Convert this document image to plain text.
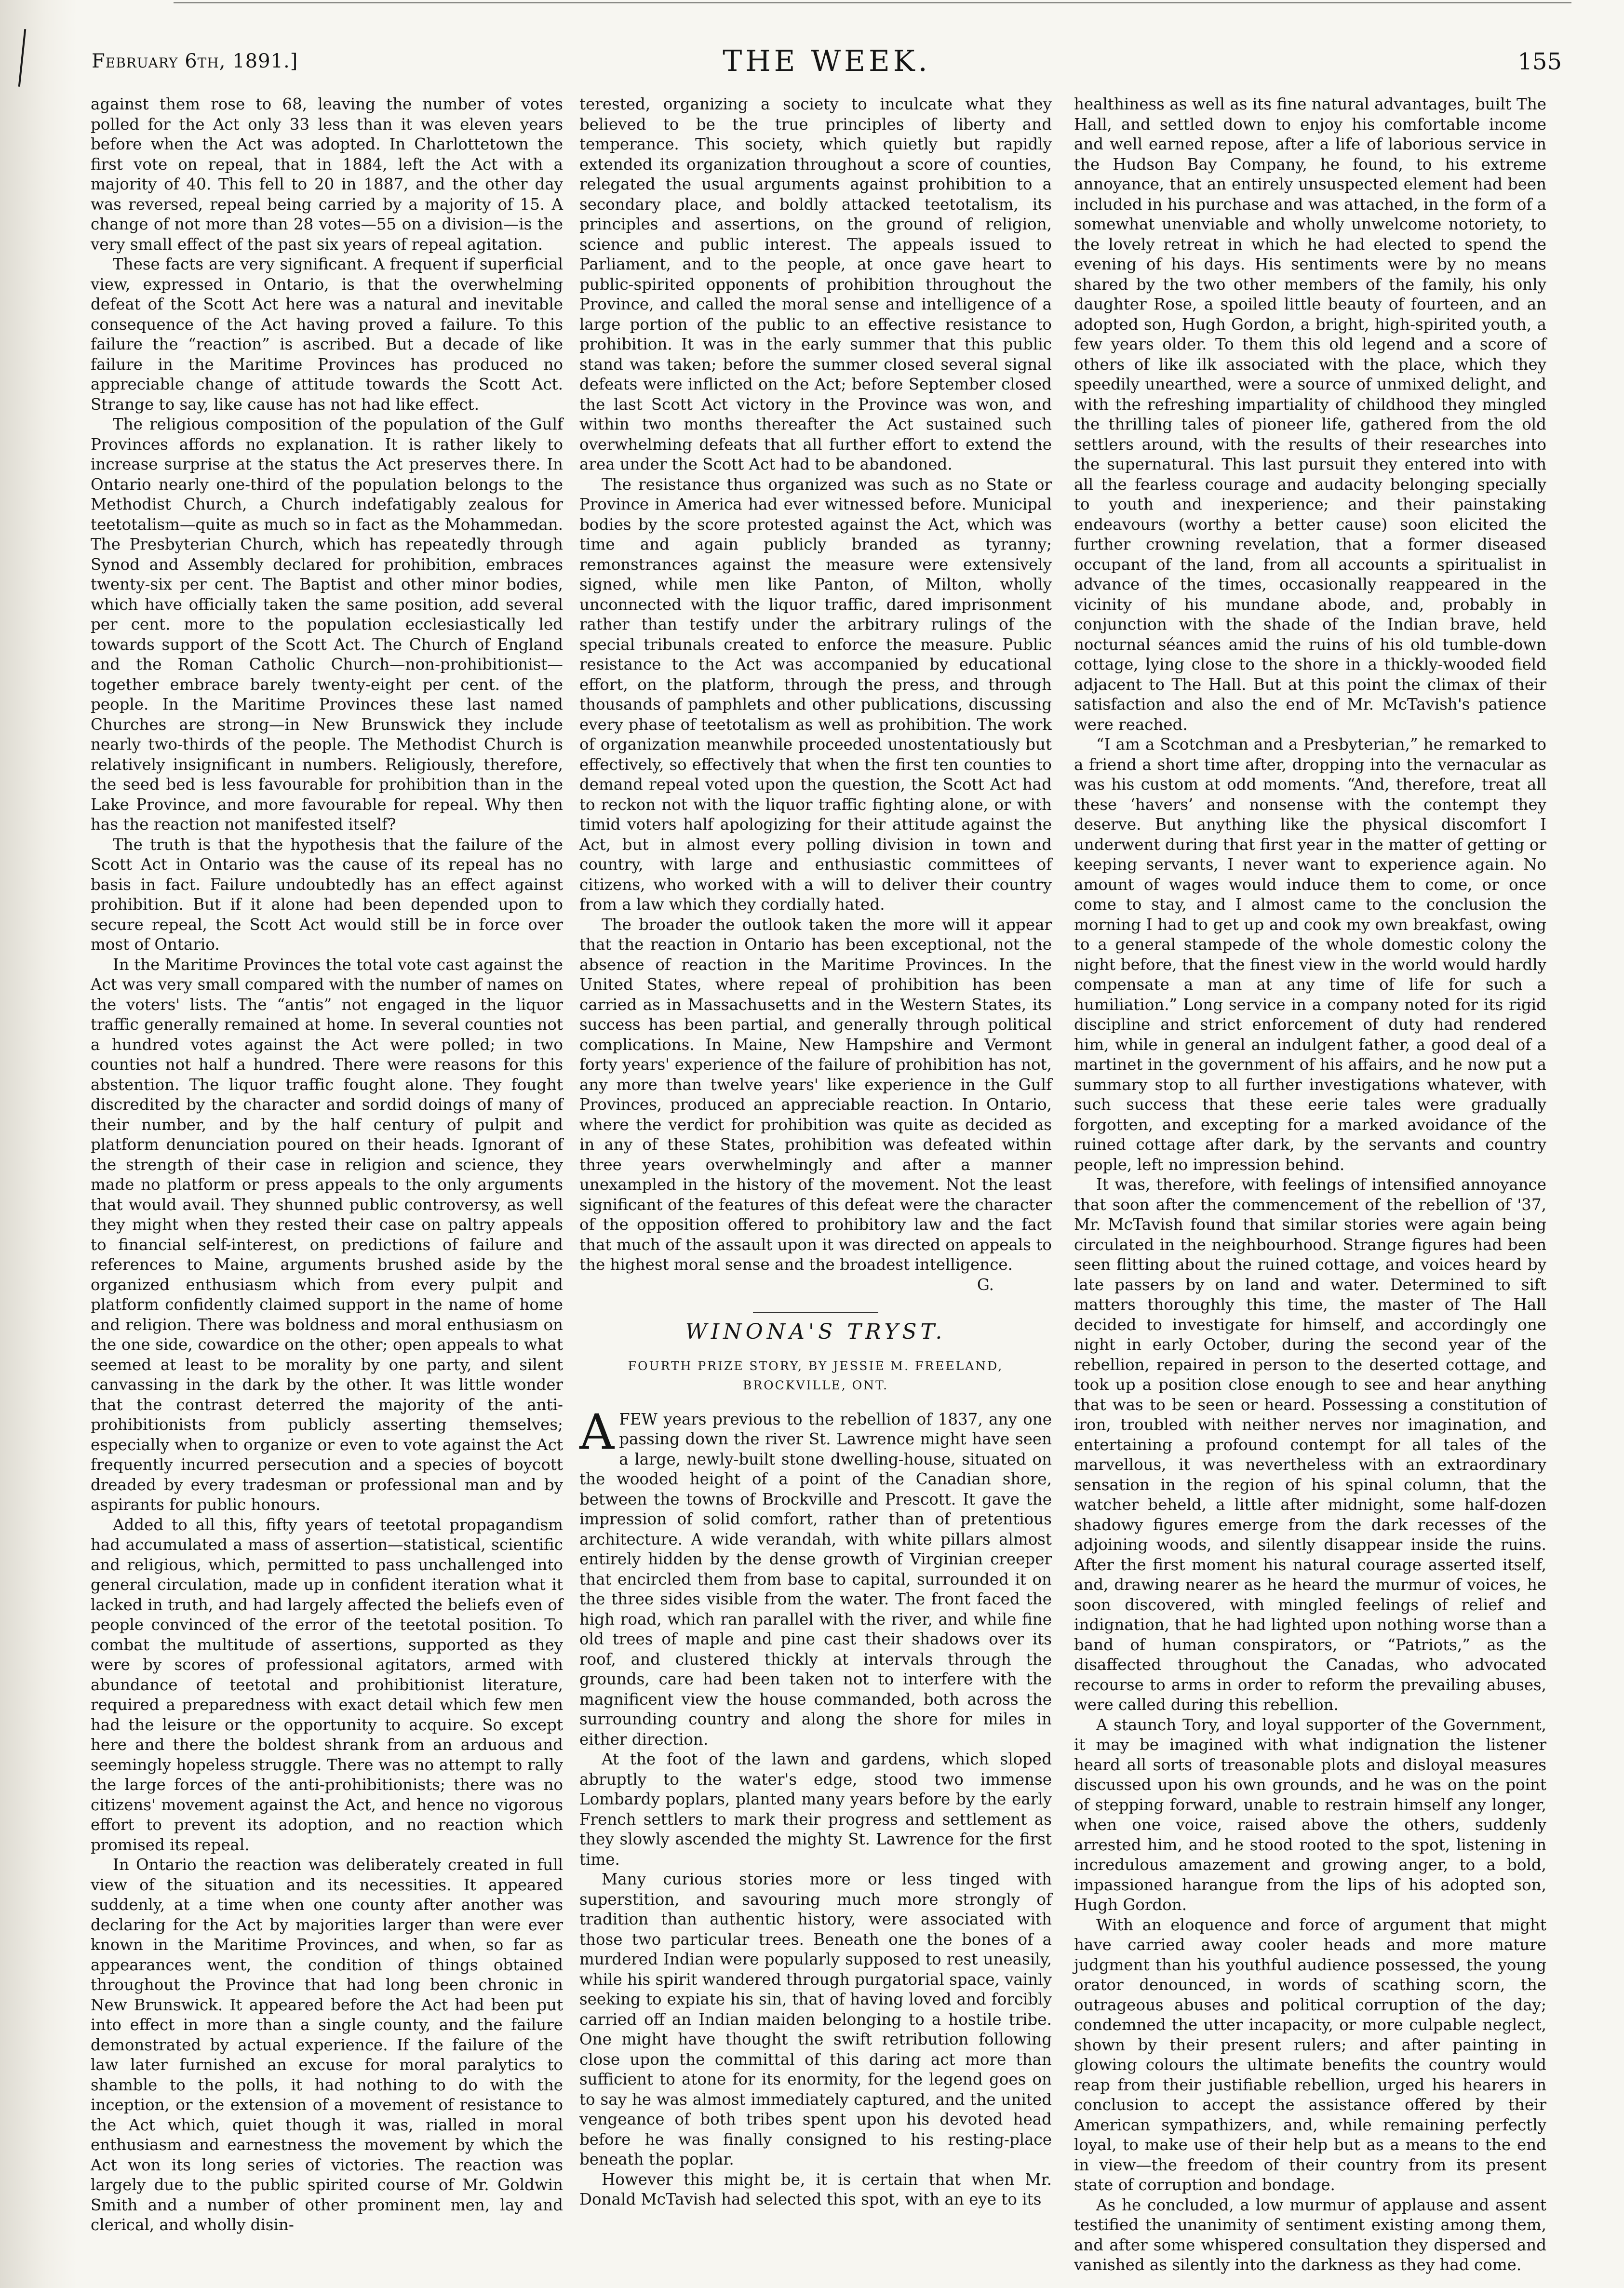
February 6th, 1891.]	THE WEEK.	155

against them rose to 68, leaving the number of votes polled for the Act only 33 less than it was eleven years before when the Act was adopted. In Charlottetown the first vote on repeal, that in 1884, left the Act with a majority of 40. This fell to 20 in 1887, and the other day was reversed, repeal being carried by a majority of 15. A change of not more than 28 votes—55 on a division—is the very small effect of the past six years of repeal agitation.

These facts are very significant. A frequent if superficial view, expressed in Ontario, is that the overwhelming defeat of the Scott Act here was a natural and inevitable consequence of the Act having proved a failure. To this failure the “reaction” is ascribed. But a decade of like failure in the Maritime Provinces has produced no appreciable change of attitude towards the Scott Act. Strange to say, like cause has not had like effect.

The religious composition of the population of the Gulf Provinces affords no explanation. It is rather likely to increase surprise at the status the Act preserves there. In Ontario nearly one-third of the population belongs to the Methodist Church, a Church indefatigably zealous for teetotalism—quite as much so in fact as the Mohammedan. The Presbyterian Church, which has repeatedly through Synod and Assembly declared for prohibition, embraces twenty-six per cent. The Baptist and other minor bodies, which have officially taken the same position, add several per cent. more to the population ecclesiastically led towards support of the Scott Act. The Church of England and the Roman Catholic Church—non-prohibitionist—together embrace barely twenty-eight per cent. of the people. In the Maritime Provinces these last named Churches are strong—in New Brunswick they include nearly two-thirds of the people. The Methodist Church is relatively insignificant in numbers. Religiously, therefore, the seed bed is less favourable for prohibition than in the Lake Province, and more favourable for repeal. Why then has the reaction not manifested itself?

The truth is that the hypothesis that the failure of the Scott Act in Ontario was the cause of its repeal has no basis in fact. Failure undoubtedly has an effect against prohibition. But if it alone had been depended upon to secure repeal, the Scott Act would still be in force over most of Ontario.

In the Maritime Provinces the total vote cast against the Act was very small compared with the number of names on the voters' lists. The “antis” not engaged in the liquor traffic generally remained at home. In several counties not a hundred votes against the Act were polled; in two counties not half a hundred. There were reasons for this abstention. The liquor traffic fought alone. They fought discredited by the character and sordid doings of many of their number, and by the half century of pulpit and platform denunciation poured on their heads. Ignorant of the strength of their case in religion and science, they made no platform or press appeals to the only arguments that would avail. They shunned public controversy, as well they might when they rested their case on paltry appeals to financial self-interest, on predictions of failure and references to Maine, arguments brushed aside by the organized enthusiasm which from every pulpit and platform confidently claimed support in the name of home and religion. There was boldness and moral enthusiasm on the one side, cowardice on the other; open appeals to what seemed at least to be morality by one party, and silent canvassing in the dark by the other. It was little wonder that the contrast deterred the majority of the anti-prohibitionists from publicly asserting themselves; especially when to organize or even to vote against the Act frequently incurred persecution and a species of boycott dreaded by every tradesman or professional man and by aspirants for public honours.

Added to all this, fifty years of teetotal propagandism had accumulated a mass of assertion—statistical, scientific and religious, which, permitted to pass unchallenged into general circulation, made up in confident iteration what it lacked in truth, and had largely affected the beliefs even of people convinced of the error of the teetotal position. To combat the multitude of assertions, supported as they were by scores of professional agitators, armed with abundance of teetotal and prohibitionist literature, required a preparedness with exact detail which few men had the leisure or the opportunity to acquire. So except here and there the boldest shrank from an arduous and seemingly hopeless struggle. There was no attempt to rally the large forces of the anti-prohibitionists; there was no citizens' movement against the Act, and hence no vigorous effort to prevent its adoption, and no reaction which promised its repeal.

In Ontario the reaction was deliberately created in full view of the situation and its necessities. It appeared suddenly, at a time when one county after another was declaring for the Act by majorities larger than were ever known in the Maritime Provinces, and when, so far as appearances went, the condition of things obtained throughout the Province that had long been chronic in New Brunswick. It appeared before the Act had been put into effect in more than a single county, and the failure demonstrated by actual experience. If the failure of the law later furnished an excuse for moral paralytics to shamble to the polls, it had nothing to do with the inception, or the extension of a movement of resistance to the Act which, quiet though it was, rialled in moral enthusiasm and earnestness the movement by which the Act won its long series of victories. The reaction was largely due to the public spirited course of Mr. Goldwin Smith and a number of other prominent men, lay and clerical, and wholly disin-

terested, organizing a society to inculcate what they believed to be the true principles of liberty and temperance. This society, which quietly but rapidly extended its organization throughout a score of counties, relegated the usual arguments against prohibition to a secondary place, and boldly attacked teetotalism, its principles and assertions, on the ground of religion, science and public interest. The appeals issued to Parliament, and to the people, at once gave heart to public-spirited opponents of prohibition throughout the Province, and called the moral sense and intelligence of a large portion of the public to an effective resistance to prohibition. It was in the early summer that this public stand was taken; before the summer closed several signal defeats were inflicted on the Act; before September closed the last Scott Act victory in the Province was won, and within two months thereafter the Act sustained such overwhelming defeats that all further effort to extend the area under the Scott Act had to be abandoned.

The resistance thus organized was such as no State or Province in America had ever witnessed before. Municipal bodies by the score protested against the Act, which was time and again publicly branded as tyranny; remonstrances against the measure were extensively signed, while men like Panton, of Milton, wholly unconnected with the liquor traffic, dared imprisonment rather than testify under the arbitrary rulings of the special tribunals created to enforce the measure. Public resistance to the Act was accompanied by educational effort, on the platform, through the press, and through thousands of pamphlets and other publications, discussing every phase of teetotalism as well as prohibition. The work of organization meanwhile proceeded unostentatiously but effectively, so effectively that when the first ten counties to demand repeal voted upon the question, the Scott Act had to reckon not with the liquor traffic fighting alone, or with timid voters half apologizing for their attitude against the Act, but in almost every polling division in town and country, with large and enthusiastic committees of citizens, who worked with a will to deliver their country from a law which they cordially hated.

The broader the outlook taken the more will it appear that the reaction in Ontario has been exceptional, not the absence of reaction in the Maritime Provinces. In the United States, where repeal of prohibition has been carried as in Massachusetts and in the Western States, its success has been partial, and generally through political complications. In Maine, New Hampshire and Vermont forty years' experience of the failure of prohibition has not, any more than twelve years' like experience in the Gulf Provinces, produced an appreciable reaction. In Ontario, where the verdict for prohibition was quite as decided as in any of these States, prohibition was defeated within three years overwhelmingly and after a manner unexampled in the history of the movement. Not the least significant of the features of this defeat were the character of the opposition offered to prohibitory law and the fact that much of the assault upon it was directed on appeals to the highest moral sense and the broadest intelligence.

G.

WINONA'S TRYST.
FOURTH PRIZE STORY, BY JESSIE M. FREELAND,
BROCKVILLE, ONT.

AFEW years previous to the rebellion of 1837, any one passing down the river St. Lawrence might have seen a large, newly-built stone dwelling-house, situated on the wooded height of a point of the Canadian shore, between the towns of Brockville and Prescott. It gave the impression of solid comfort, rather than of pretentious architecture. A wide verandah, with white pillars almost entirely hidden by the dense growth of Virginian creeper that encircled them from base to capital, surrounded it on the three sides visible from the water. The front faced the high road, which ran parallel with the river, and while fine old trees of maple and pine cast their shadows over its roof, and clustered thickly at intervals through the grounds, care had been taken not to interfere with the magnificent view the house commanded, both across the surrounding country and along the shore for miles in either direction.

At the foot of the lawn and gardens, which sloped abruptly to the water's edge, stood two immense Lombardy poplars, planted many years before by the early French settlers to mark their progress and settlement as they slowly ascended the mighty St. Lawrence for the first time.

Many curious stories more or less tinged with superstition, and savouring much more strongly of tradition than authentic history, were associated with those two particular trees. Beneath one the bones of a murdered Indian were popularly supposed to rest uneasily, while his spirit wandered through purgatorial space, vainly seeking to expiate his sin, that of having loved and forcibly carried off an Indian maiden belonging to a hostile tribe. One might have thought the swift retribution following close upon the committal of this daring act more than sufficient to atone for its enormity, for the legend goes on to say he was almost immediately captured, and the united vengeance of both tribes spent upon his devoted head before he was finally consigned to his resting-place beneath the poplar.

However this might be, it is certain that when Mr. Donald McTavish had selected this spot, with an eye to its

healthiness as well as its fine natural advantages, built The Hall, and settled down to enjoy his comfortable income and well earned repose, after a life of laborious service in the Hudson Bay Company, he found, to his extreme annoyance, that an entirely unsuspected element had been included in his purchase and was attached, in the form of a somewhat unenviable and wholly unwelcome notoriety, to the lovely retreat in which he had elected to spend the evening of his days. His sentiments were by no means shared by the two other members of the family, his only daughter Rose, a spoiled little beauty of fourteen, and an adopted son, Hugh Gordon, a bright, high-spirited youth, a few years older. To them this old legend and a score of others of like ilk associated with the place, which they speedily unearthed, were a source of unmixed delight, and with the refreshing impartiality of childhood they mingled the thrilling tales of pioneer life, gathered from the old settlers around, with the results of their researches into the supernatural. This last pursuit they entered into with all the fearless courage and audacity belonging specially to youth and inexperience; and their painstaking endeavours (worthy a better cause) soon elicited the further crowning revelation, that a former diseased occupant of the land, from all accounts a spiritualist in advance of the times, occasionally reappeared in the vicinity of his mundane abode, and, probably in conjunction with the shade of the Indian brave, held nocturnal séances amid the ruins of his old tumble-down cottage, lying close to the shore in a thickly-wooded field adjacent to The Hall. But at this point the climax of their satisfaction and also the end of Mr. McTavish's patience were reached.

“I am a Scotchman and a Presbyterian,” he remarked to a friend a short time after, dropping into the vernacular as was his custom at odd moments. “And, therefore, treat all these ‘havers’ and nonsense with the contempt they deserve. But anything like the physical discomfort I underwent during that first year in the matter of getting or keeping servants, I never want to experience again. No amount of wages would induce them to come, or once come to stay, and I almost came to the conclusion the morning I had to get up and cook my own breakfast, owing to a general stampede of the whole domestic colony the night before, that the finest view in the world would hardly compensate a man at any time of life for such a humiliation.” Long service in a company noted for its rigid discipline and strict enforcement of duty had rendered him, while in general an indulgent father, a good deal of a martinet in the government of his affairs, and he now put a summary stop to all further investigations whatever, with such success that these eerie tales were gradually forgotten, and excepting for a marked avoidance of the ruined cottage after dark, by the servants and country people, left no impression behind.

It was, therefore, with feelings of intensified annoyance that soon after the commencement of the rebellion of '37, Mr. McTavish found that similar stories were again being circulated in the neighbourhood. Strange figures had been seen flitting about the ruined cottage, and voices heard by late passers by on land and water. Determined to sift matters thoroughly this time, the master of The Hall decided to investigate for himself, and accordingly one night in early October, during the second year of the rebellion, repaired in person to the deserted cottage, and took up a position close enough to see and hear anything that was to be seen or heard. Possessing a constitution of iron, troubled with neither nerves nor imagination, and entertaining a profound contempt for all tales of the marvellous, it was nevertheless with an extraordinary sensation in the region of his spinal column, that the watcher beheld, a little after midnight, some half-dozen shadowy figures emerge from the dark recesses of the adjoining woods, and silently disappear inside the ruins. After the first moment his natural courage asserted itself, and, drawing nearer as he heard the murmur of voices, he soon discovered, with mingled feelings of relief and indignation, that he had lighted upon nothing worse than a band of human conspirators, or “Patriots,” as the disaffected throughout the Canadas, who advocated recourse to arms in order to reform the prevailing abuses, were called during this rebellion.

A staunch Tory, and loyal supporter of the Government, it may be imagined with what indignation the listener heard all sorts of treasonable plots and disloyal measures discussed upon his own grounds, and he was on the point of stepping forward, unable to restrain himself any longer, when one voice, raised above the others, suddenly arrested him, and he stood rooted to the spot, listening in incredulous amazement and growing anger, to a bold, impassioned harangue from the lips of his adopted son, Hugh Gordon.

With an eloquence and force of argument that might have carried away cooler heads and more mature judgment than his youthful audience possessed, the young orator denounced, in words of scathing scorn, the outrageous abuses and political corruption of the day; condemned the utter incapacity, or more culpable neglect, shown by their present rulers; and after painting in glowing colours the ultimate benefits the country would reap from their justifiable rebellion, urged his hearers in conclusion to accept the assistance offered by their American sympathizers, and, while remaining perfectly loyal, to make use of their help but as a means to the end in view—the freedom of their country from its present state of corruption and bondage.

As he concluded, a low murmur of applause and assent testified the unanimity of sentiment existing among them, and after some whispered consultation they dispersed and vanished as silently into the darkness as they had come.
